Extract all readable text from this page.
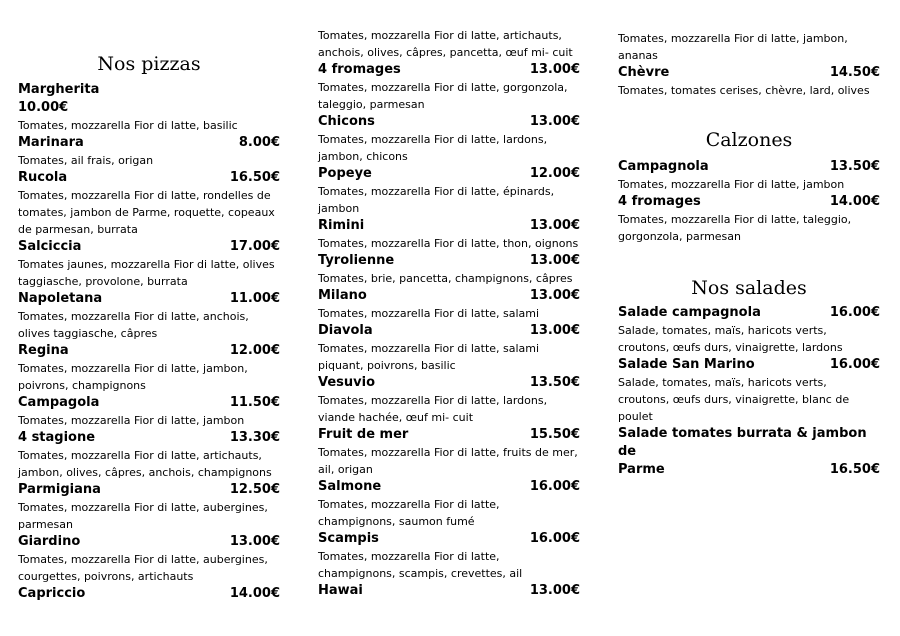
Nos pizzas
Margherita
10.00€

Tomates, mozzarella Fior di latte, basilic

Marinara	8.00€

Tomates, ail frais, origan

Rucola	16.50€

Tomates, mozzarella Fior di latte, rondelles de tomates, jambon de Parme, roquette, copeaux de parmesan, burrata

Salciccia	17.00€

Tomates jaunes, mozzarella Fior di latte, olives taggiasche, provolone, burrata

Napoletana	11.00€

Tomates, mozzarella Fior di latte, anchois, olives taggiasche, câpres

Regina	12.00€

Tomates, mozzarella Fior di latte, jambon, poivrons, champignons

Campagola	11.50€

Tomates, mozzarella Fior di latte, jambon

4 stagione	13.30€

Tomates, mozzarella Fior di latte, artichauts, jambon, olives, câpres, anchois, champignons

Parmigiana	12.50€

Tomates, mozzarella Fior di latte, aubergines, parmesan

Giardino	13.00€

Tomates, mozzarella Fior di latte, aubergines, courgettes, poivrons, artichauts

Capriccio	14.00€

Tomates, mozzarella Fior di latte, artichauts, anchois, olives, câpres, pancetta, œuf mi- cuit

4 fromages	13.00€

Tomates, mozzarella Fior di latte, gorgonzola, taleggio, parmesan

Chicons	13.00€

Tomates, mozzarella Fior di latte, lardons, jambon, chicons

Popeye	12.00€

Tomates, mozzarella Fior di latte, épinards, jambon

Rimini	13.00€

Tomates, mozzarella Fior di latte, thon, oignons

Tyrolienne	13.00€

Tomates, brie, pancetta, champignons, câpres

Milano	13.00€

Tomates, mozzarella Fior di latte, salami

Diavola	13.00€

Tomates, mozzarella Fior di latte, salami piquant, poivrons, basilic

Vesuvio	13.50€

Tomates, mozzarella Fior di latte, lardons, viande hachée, œuf mi- cuit

Fruit de mer	15.50€

Tomates, mozzarella Fior di latte, fruits de mer, ail, origan

Salmone	16.00€

Tomates, mozzarella Fior di latte, champignons, saumon fumé

Scampis	16.00€

Tomates, mozzarella Fior di latte, champignons, scampis, crevettes, ail

Hawai	13.00€

Tomates, mozzarella Fior di latte, jambon, ananas

Chèvre	14.50€

Tomates, tomates cerises, chèvre, lard, olives

Calzones
Campagnola	13.50€

Tomates, mozzarella Fior di latte, jambon

4 fromages	14.00€

Tomates, mozzarella Fior di latte, taleggio, gorgonzola, parmesan

Nos salades
Salade campagnola	16.00€

Salade, tomates, maïs, haricots verts, croutons, œufs durs, vinaigrette, lardons

Salade San Marino	16.00€

Salade, tomates, maïs, haricots verts, croutons, œufs durs, vinaigrette, blanc de poulet

Salade tomates burrata & jambon de
Parme	16.50€
